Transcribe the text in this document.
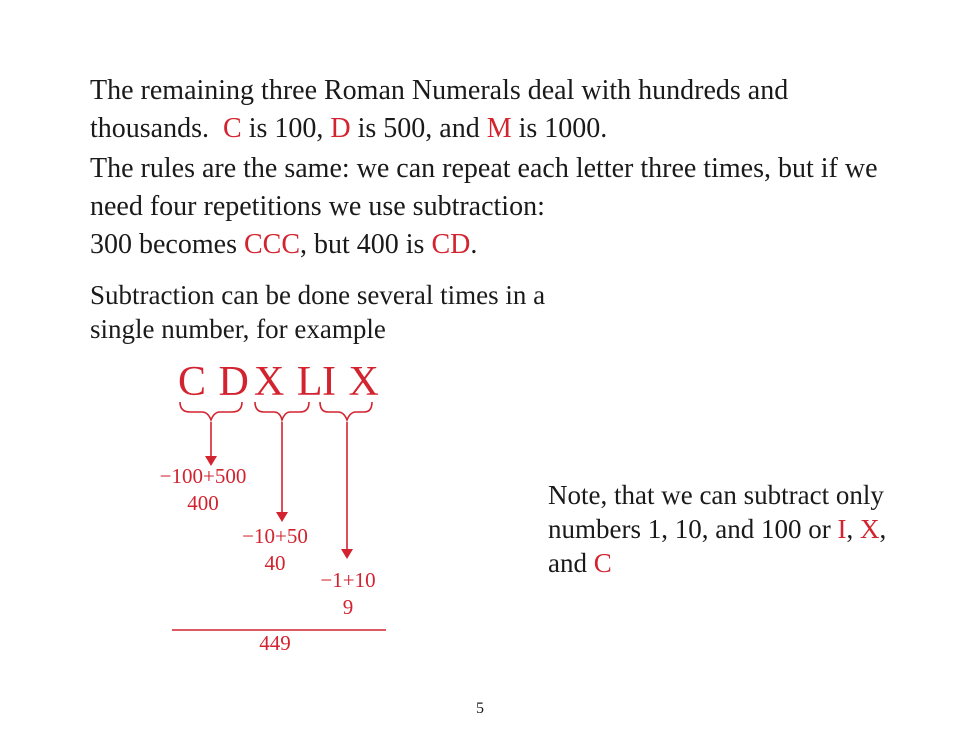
The remaining three Roman Numerals deal with hundreds and thousands.  C is 100, D is 500, and M is 1000.

The rules are the same: we can repeat each letter three times, but if we need four repetitions we use subtraction:
300 becomes CCC, but 400 is CD.

Subtraction can be done several times in a single number, for example

C D X L
I X
−100+500
400
−10+50
40
−1+10
9
449

Note, that we can subtract only numbers 1, 10, and 100 or I, X, and C

5
